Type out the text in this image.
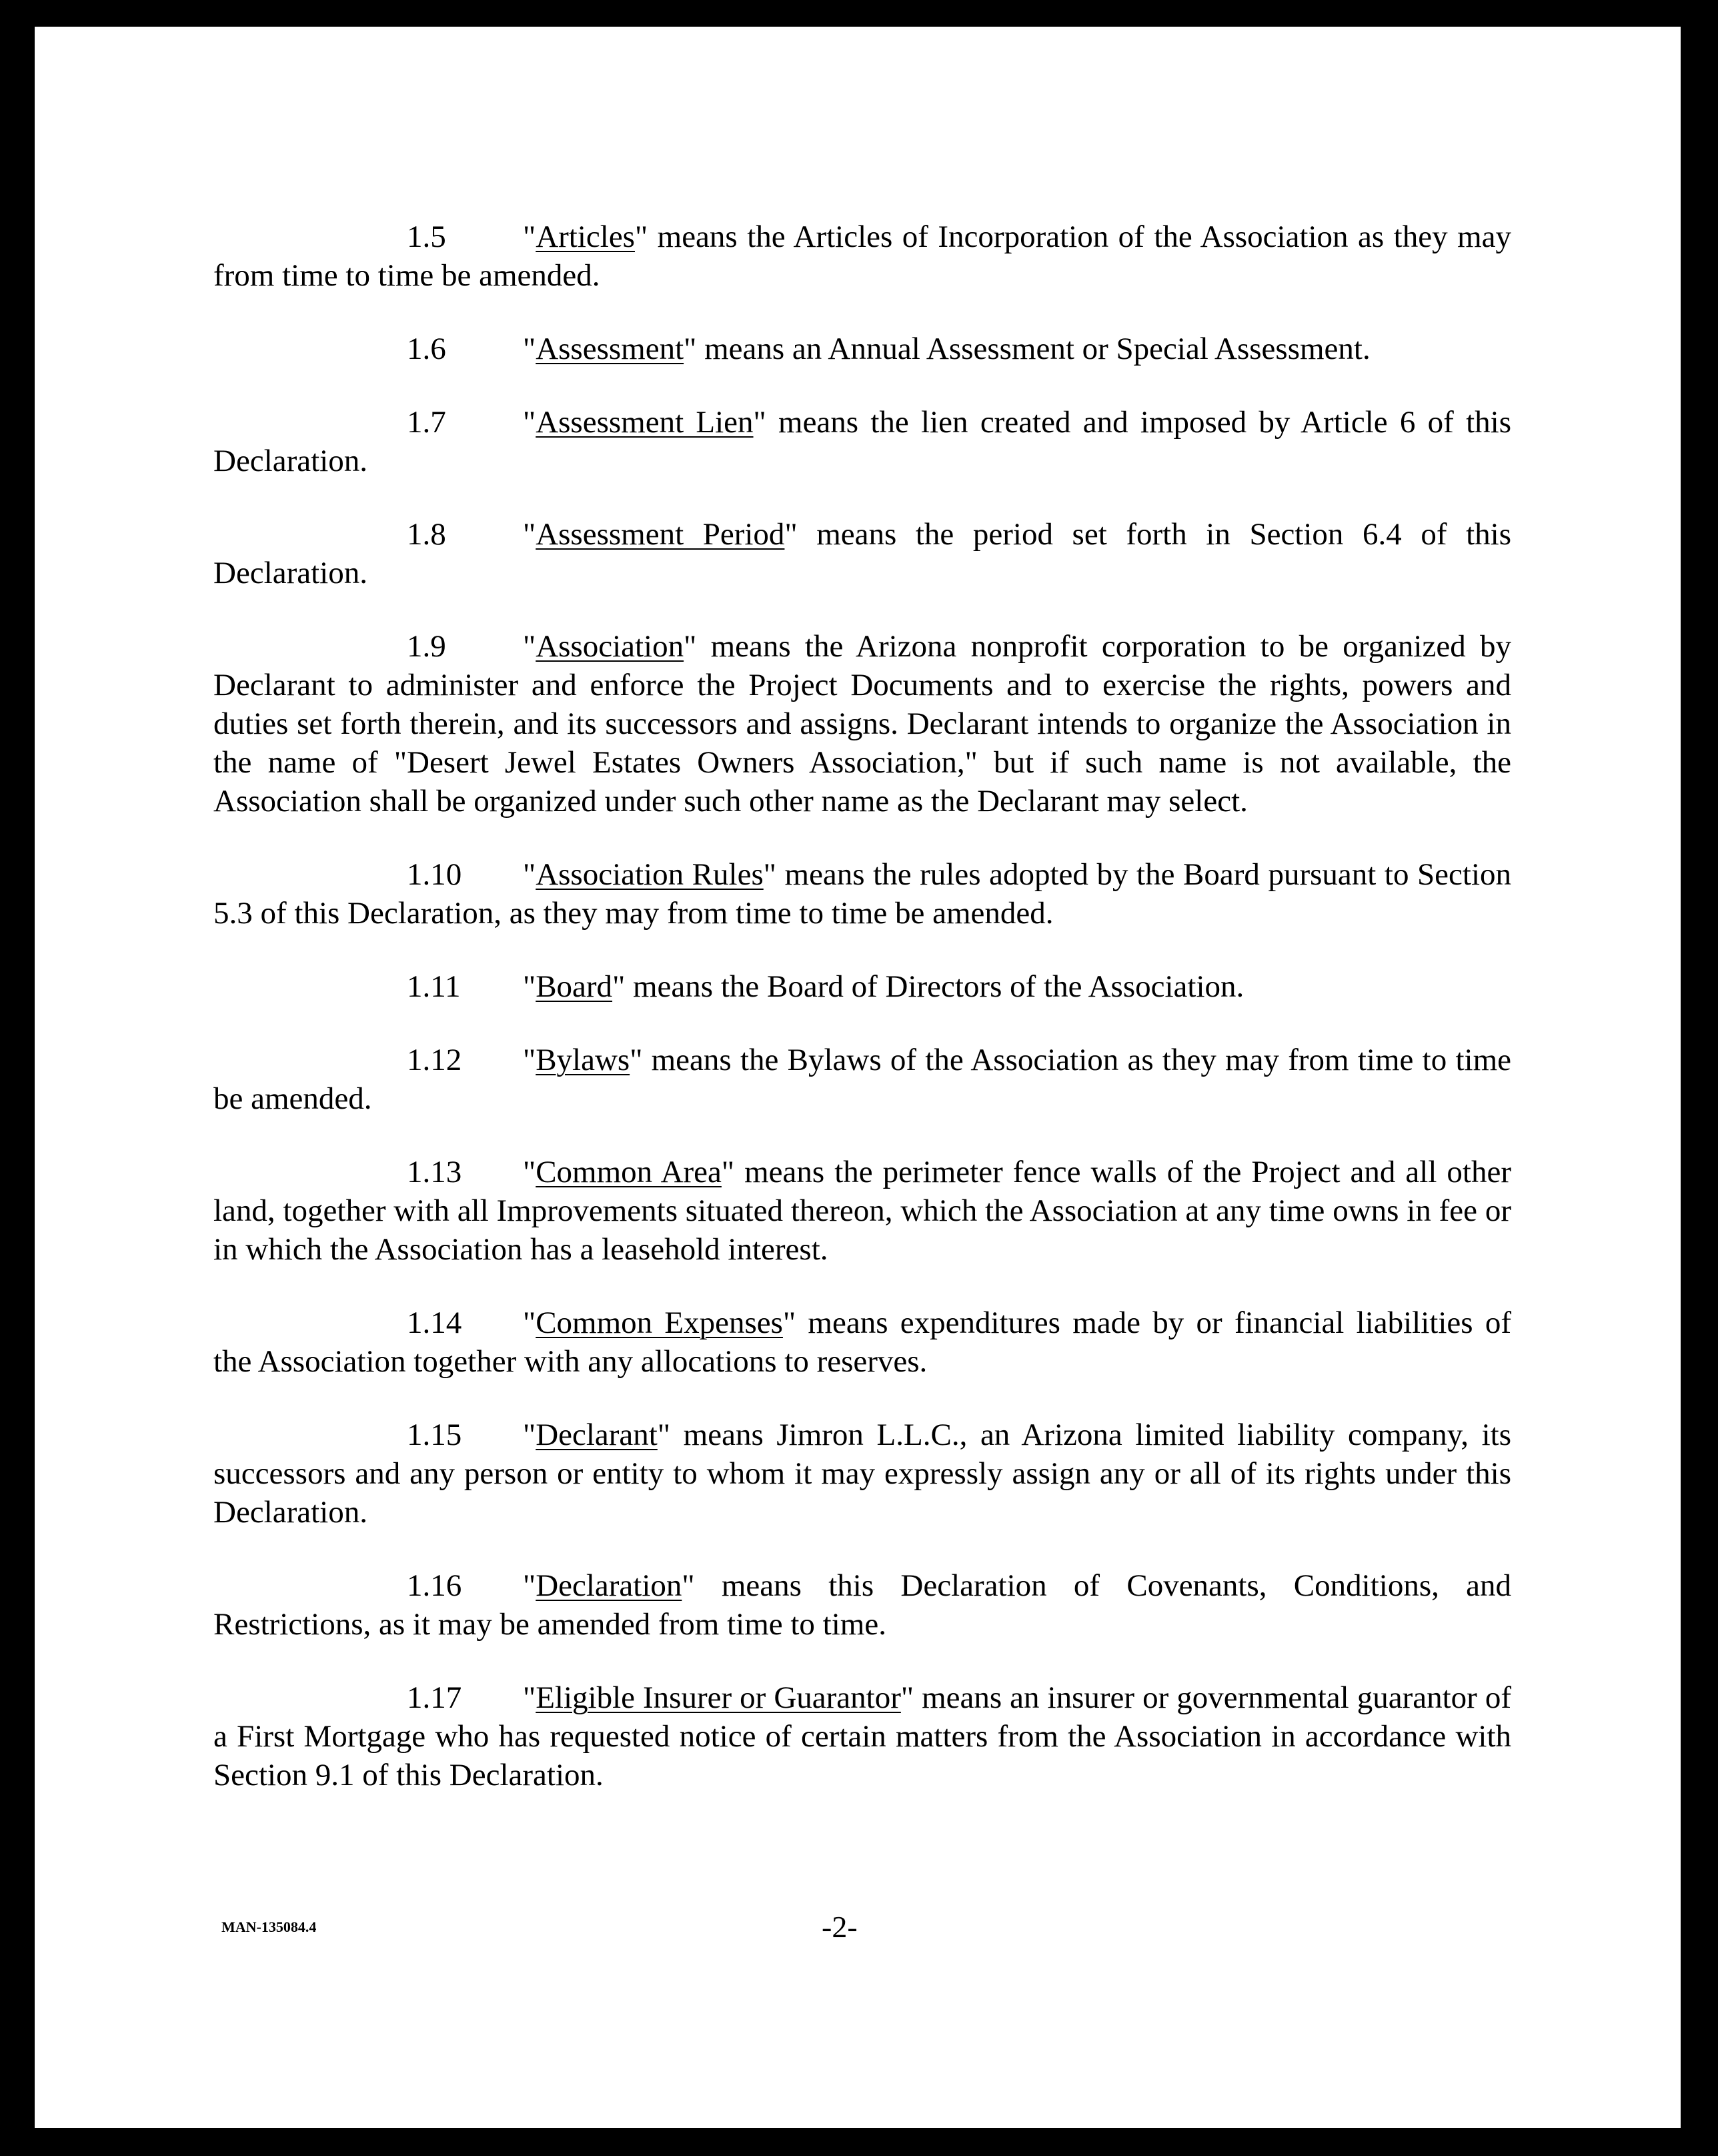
1.5 "Articles" means the Articles of Incorporation of the Association as they may from time to time be amended.

1.6 "Assessment" means an Annual Assessment or Special Assessment.

1.7 "Assessment Lien" means the lien created and imposed by Article 6 of this Declaration.

1.8 "Assessment Period" means the period set forth in Section 6.4 of this Declaration.

1.9 "Association" means the Arizona nonprofit corporation to be organized by Declarant to administer and enforce the Project Documents and to exercise the rights, powers and duties set forth therein, and its successors and assigns. Declarant intends to organize the Association in the name of "Desert Jewel Estates Owners Association," but if such name is not available, the Association shall be organized under such other name as the Declarant may select.

1.10 "Association Rules" means the rules adopted by the Board pursuant to Section 5.3 of this Declaration, as they may from time to time be amended.

1.11 "Board" means the Board of Directors of the Association.

1.12 "Bylaws" means the Bylaws of the Association as they may from time to time be amended.

1.13 "Common Area" means the perimeter fence walls of the Project and all other land, together with all Improvements situated thereon, which the Association at any time owns in fee or in which the Association has a leasehold interest.

1.14 "Common Expenses" means expenditures made by or financial liabilities of the Association together with any allocations to reserves.

1.15 "Declarant" means Jimron L.L.C., an Arizona limited liability company, its successors and any person or entity to whom it may expressly assign any or all of its rights under this Declaration.

1.16 "Declaration" means this Declaration of Covenants, Conditions, and Restrictions, as it may be amended from time to time.

1.17 "Eligible Insurer or Guarantor" means an insurer or governmental guarantor of a First Mortgage who has requested notice of certain matters from the Association in accordance with Section 9.1 of this Declaration.

MAN-135084.4	-2-
